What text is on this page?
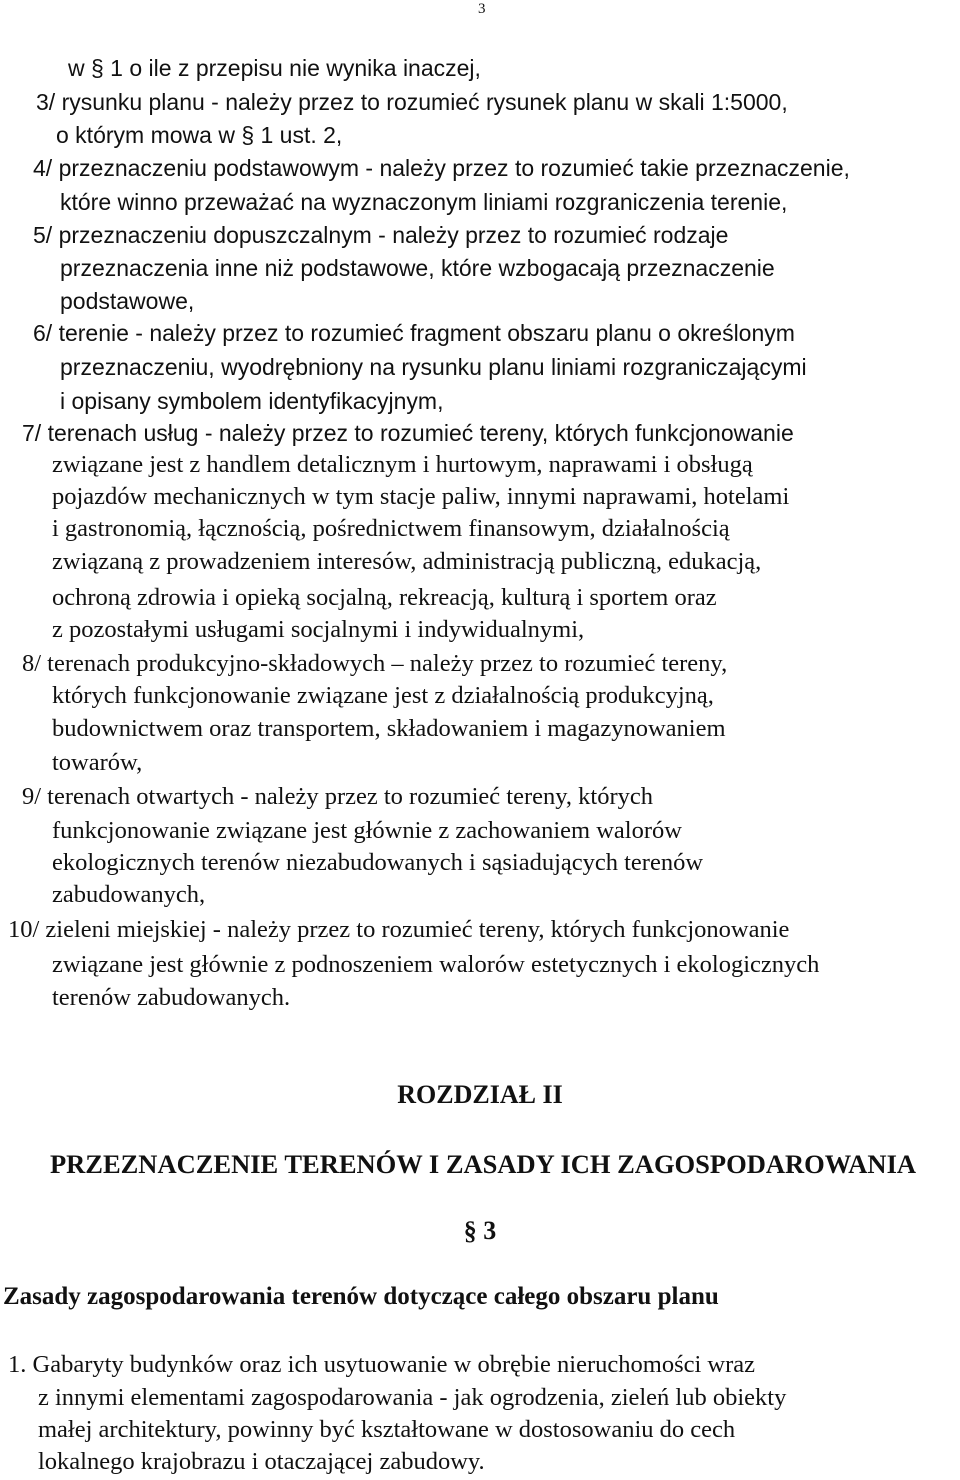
3
w § 1 o ile z przepisu nie wynika inaczej,
3/ rysunku planu - należy przez to rozumieć rysunek planu w skali 1:5000,
o którym mowa w § 1 ust. 2,
4/ przeznaczeniu podstawowym - należy przez to rozumieć takie przeznaczenie,
które winno przeważać na wyznaczonym liniami rozgraniczenia terenie,
5/ przeznaczeniu dopuszczalnym - należy przez to rozumieć rodzaje
przeznaczenia inne niż podstawowe, które wzbogacają przeznaczenie
podstawowe,
6/ terenie - należy przez to rozumieć fragment obszaru planu o określonym
przeznaczeniu, wyodrębniony na rysunku planu liniami rozgraniczającymi
i opisany symbolem identyfikacyjnym,
7/ terenach usług - należy przez to rozumieć tereny, których funkcjonowanie
związane jest z handlem detalicznym i hurtowym, naprawami i obsługą
pojazdów mechanicznych w tym stacje paliw, innymi naprawami, hotelami
i gastronomią, łącznością, pośrednictwem finansowym, działalnością
związaną z prowadzeniem interesów, administracją publiczną, edukacją,
ochroną zdrowia i opieką socjalną, rekreacją, kulturą i sportem oraz
z pozostałymi usługami socjalnymi i indywidualnymi,
8/ terenach produkcyjno-składowych – należy przez to rozumieć tereny,
których funkcjonowanie związane jest z działalnością produkcyjną,
budownictwem oraz transportem, składowaniem i magazynowaniem
towarów,
9/ terenach otwartych - należy przez to rozumieć tereny, których
funkcjonowanie związane jest głównie z zachowaniem walorów
ekologicznych terenów niezabudowanych i sąsiadujących terenów
zabudowanych,
10/ zieleni miejskiej - należy przez to rozumieć tereny, których funkcjonowanie
związane jest głównie z podnoszeniem walorów estetycznych i ekologicznych
terenów zabudowanych.
ROZDZIAŁ II
PRZEZNACZENIE TERENÓW I ZASADY ICH ZAGOSPODAROWANIA
§ 3
Zasady zagospodarowania terenów dotyczące całego obszaru planu
1. Gabaryty budynków oraz ich usytuowanie w obrębie nieruchomości wraz
z innymi elementami zagospodarowania - jak ogrodzenia, zieleń lub obiekty
małej architektury, powinny być kształtowane w dostosowaniu do cech
lokalnego krajobrazu i otaczającej zabudowy.
